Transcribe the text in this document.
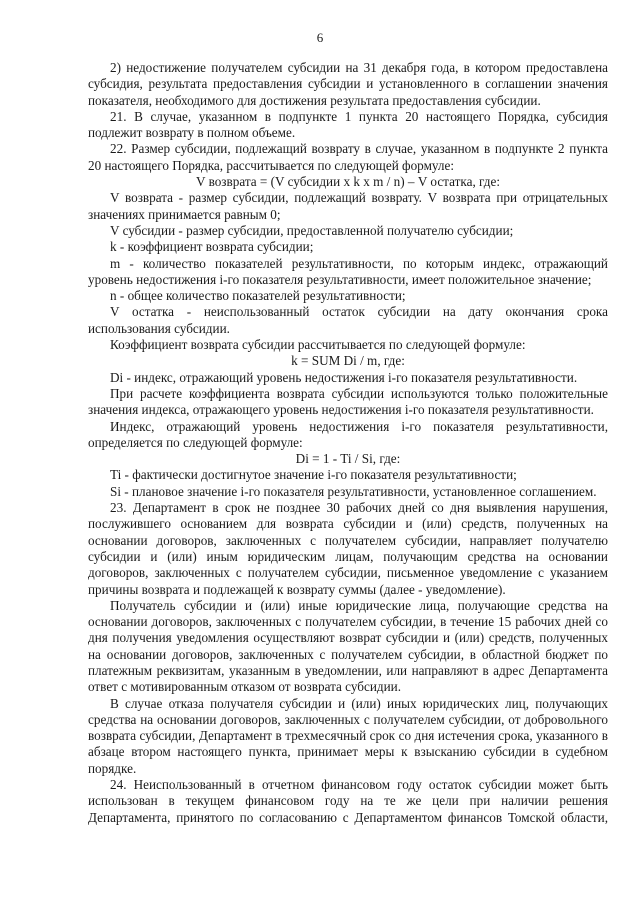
6

2) недостижение получателем субсидии на 31 декабря года, в котором предоставлена субсидия, результата предоставления субсидии и установленного в соглашении значения показателя, необходимого для достижения результата предоставления субсидии.

21. В случае, указанном в подпункте 1 пункта 20 настоящего Порядка, субсидия подлежит возврату в полном объеме.

22. Размер субсидии, подлежащий возврату в случае, указанном в подпункте 2 пункта 20 настоящего Порядка, рассчитывается по следующей формуле:

V возврата = (V субсидии x k x m / n) – V остатка, где:

V возврата - размер субсидии, подлежащий возврату. V возврата при отрицательных значениях принимается равным 0;

V субсидии - размер субсидии, предоставленной получателю субсидии;

k - коэффициент возврата субсидии;

m - количество показателей результативности, по которым индекс, отражающий уровень недостижения i-го показателя результативности, имеет положительное значение;

n - общее количество показателей результативности;

V остатка - неиспользованный остаток субсидии на дату окончания срока использования субсидии.

Коэффициент возврата субсидии рассчитывается по следующей формуле:

k = SUM Di / m, где:

Di - индекс, отражающий уровень недостижения i-го показателя результативности.

При расчете коэффициента возврата субсидии используются только положительные значения индекса, отражающего уровень недостижения i-го показателя результативности.

Индекс, отражающий уровень недостижения i-го показателя результативности, определяется по следующей формуле:

Di = 1 - Ti / Si, где:

Ti - фактически достигнутое значение i-го показателя результативности;

Si - плановое значение i-го показателя результативности, установленное соглашением.

23. Департамент в срок не позднее 30 рабочих дней со дня выявления нарушения, послужившего основанием для возврата субсидии и (или) средств, полученных на основании договоров, заключенных с получателем субсидии, направляет получателю субсидии и (или) иным юридическим лицам, получающим средства на основании договоров, заключенных с получателем субсидии, письменное уведомление с указанием причины возврата и подлежащей к возврату суммы (далее - уведомление).

Получатель субсидии и (или) иные юридические лица, получающие средства на основании договоров, заключенных с получателем субсидии, в течение 15 рабочих дней со дня получения уведомления осуществляют возврат субсидии и (или) средств, полученных на основании договоров, заключенных с получателем субсидии, в областной бюджет по платежным реквизитам, указанным в уведомлении, или направляют в адрес Департамента ответ с мотивированным отказом от возврата субсидии.

В случае отказа получателя субсидии и (или) иных юридических лиц, получающих средства на основании договоров, заключенных с получателем субсидии, от добровольного возврата субсидии, Департамент в трехмесячный срок со дня истечения срока, указанного в абзаце втором настоящего пункта, принимает меры к взысканию субсидии в судебном порядке.

24. Неиспользованный в отчетном финансовом году остаток субсидии может быть использован в текущем финансовом году на те же цели при наличии решения Департамента, принятого по согласованию с Департаментом финансов Томской области,
